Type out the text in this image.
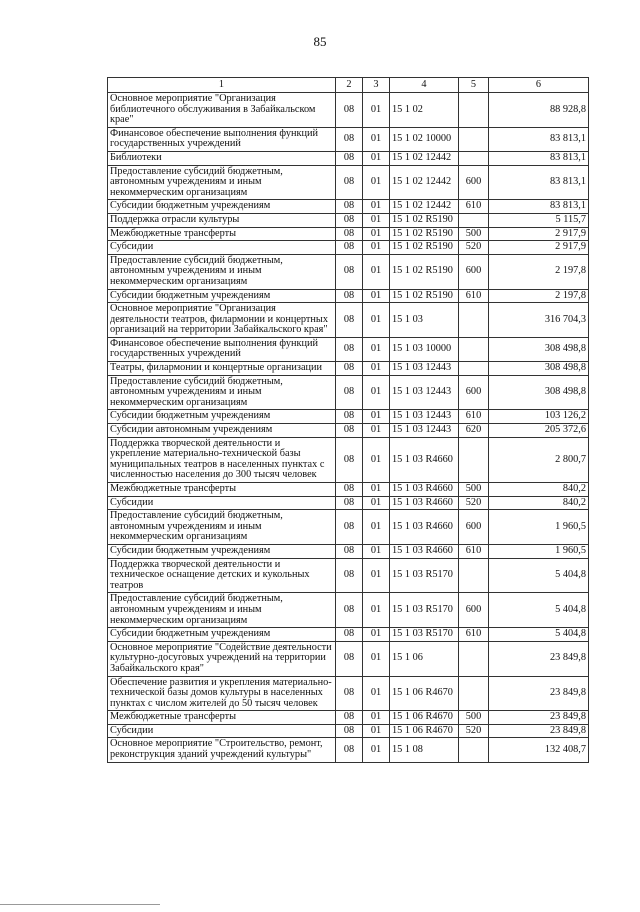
85
1	2	3	4	5	6
Основное мероприятие "Организация библиотечного обслуживания в Забайкальском крае"	08	01	15 1 02		88 928,8
Финансовое обеспечение выполнения функций государственных учреждений	08	01	15 1 02 10000		83 813,1
Библиотеки	08	01	15 1 02 12442		83 813,1
Предоставление субсидий бюджетным, автономным учреждениям и иным некоммерческим организациям	08	01	15 1 02 12442	600	83 813,1
Субсидии бюджетным учреждениям	08	01	15 1 02 12442	610	83 813,1
Поддержка отрасли культуры	08	01	15 1 02 R5190		5 115,7
Межбюджетные трансферты	08	01	15 1 02 R5190	500	2 917,9
Субсидии	08	01	15 1 02 R5190	520	2 917,9
Предоставление субсидий бюджетным, автономным учреждениям и иным некоммерческим организациям	08	01	15 1 02 R5190	600	2 197,8
Субсидии бюджетным учреждениям	08	01	15 1 02 R5190	610	2 197,8
Основное мероприятие "Организация деятельности театров, филармонии и концертных организаций на территории Забайкальского края"	08	01	15 1 03		316 704,3
Финансовое обеспечение выполнения функций государственных учреждений	08	01	15 1 03 10000		308 498,8
Театры, филармонии и концертные организации	08	01	15 1 03 12443		308 498,8
Предоставление субсидий бюджетным, автономным учреждениям и иным некоммерческим организациям	08	01	15 1 03 12443	600	308 498,8
Субсидии бюджетным учреждениям	08	01	15 1 03 12443	610	103 126,2
Субсидии автономным учреждениям	08	01	15 1 03 12443	620	205 372,6
Поддержка творческой деятельности и укрепление материально-технической базы муниципальных театров в населенных пунктах с численностью населения до 300 тысяч человек	08	01	15 1 03 R4660		2 800,7
Межбюджетные трансферты	08	01	15 1 03 R4660	500	840,2
Субсидии	08	01	15 1 03 R4660	520	840,2
Предоставление субсидий бюджетным, автономным учреждениям и иным некоммерческим организациям	08	01	15 1 03 R4660	600	1 960,5
Субсидии бюджетным учреждениям	08	01	15 1 03 R4660	610	1 960,5
Поддержка творческой деятельности и техническое оснащение детских и кукольных театров	08	01	15 1 03 R5170		5 404,8
Предоставление субсидий бюджетным, автономным учреждениям и иным некоммерческим организациям	08	01	15 1 03 R5170	600	5 404,8
Субсидии бюджетным учреждениям	08	01	15 1 03 R5170	610	5 404,8
Основное мероприятие "Содействие деятельности культурно-досуговых учреждений на территории Забайкальского края"	08	01	15 1 06		23 849,8
Обеспечение развития и укрепления материально-технической базы домов культуры в населенных пунктах с числом жителей до 50 тысяч человек	08	01	15 1 06 R4670		23 849,8
Межбюджетные трансферты	08	01	15 1 06 R4670	500	23 849,8
Субсидии	08	01	15 1 06 R4670	520	23 849,8
Основное мероприятие "Строительство, ремонт, реконструкция зданий учреждений культуры"	08	01	15 1 08		132 408,7
